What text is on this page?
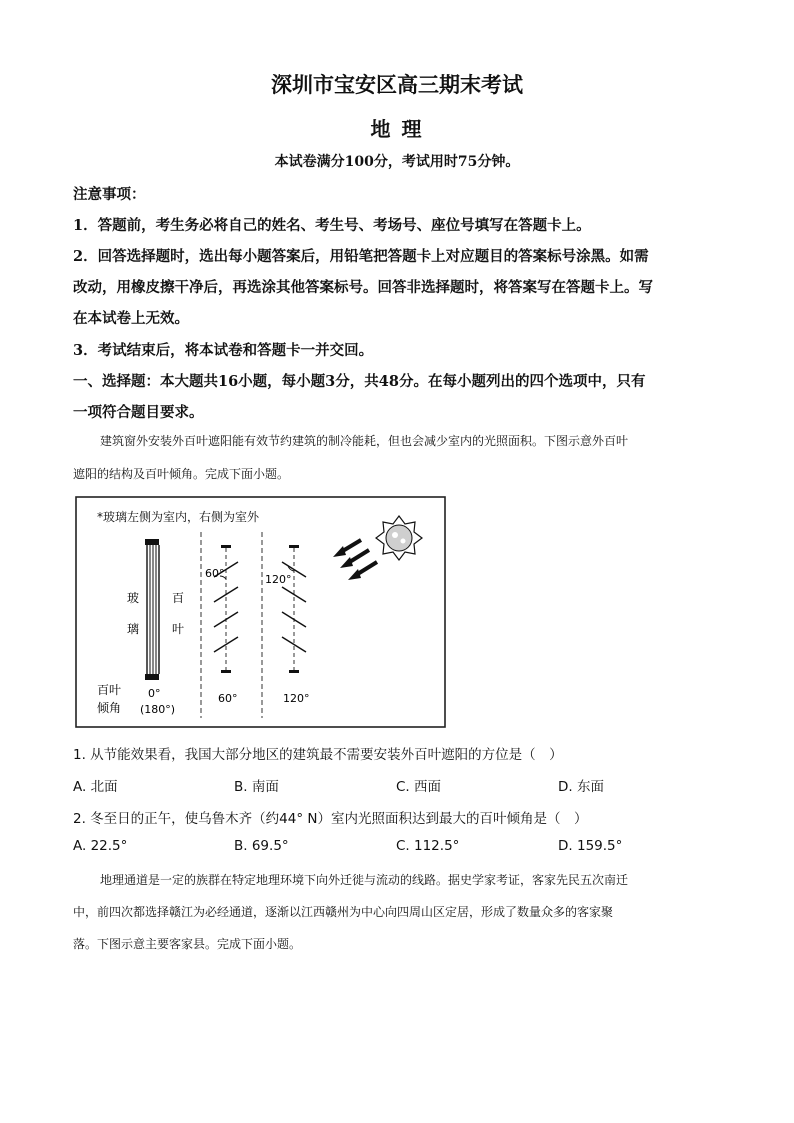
深圳市宝安区高三期末考试
地 理
本试卷满分100分，考试用时75分钟。
注意事项：
1．答题前，考生务必将自己的姓名、考生号、考场号、座位号填写在答题卡上。
2．回答选择题时，选出每小题答案后，用铅笔把答题卡上对应题目的答案标号涂黑。如需
改动，用橡皮擦干净后，再选涂其他答案标号。回答非选择题时，将答案写在答题卡上。写
在本试卷上无效。
3．考试结束后，将本试卷和答题卡一并交回。
一、选择题：本大题共16小题，每小题3分，共48分。在每小题列出的四个选项中，只有
一项符合题目要求。
建筑窗外安装外百叶遮阳能有效节约建筑的制冷能耗，但也会减少室内的光照面积。下图示意外百叶
遮阳的结构及百叶倾角。完成下面小题。
*玻璃左侧为室内，右侧为室外
玻
璃
百
叶
60°	120°
百叶
倾角
0°
(180°)
60°	120°
1. 从节能效果看，我国大部分地区的建筑最不需要安装外百叶遮阳的方位是（　）
A. 北面	B. 南面	C. 西面	D. 东面
2. 冬至日的正午，使乌鲁木齐（约44° N）室内光照面积达到最大的百叶倾角是（　）
A. 22.5°	B. 69.5°	C. 112.5°	D. 159.5°
地理通道是一定的族群在特定地理环境下向外迁徙与流动的线路。据史学家考证，客家先民五次南迁
中，前四次都选择赣江为必经通道，逐渐以江西赣州为中心向四周山区定居，形成了数量众多的客家聚
落。下图示意主要客家县。完成下面小题。
